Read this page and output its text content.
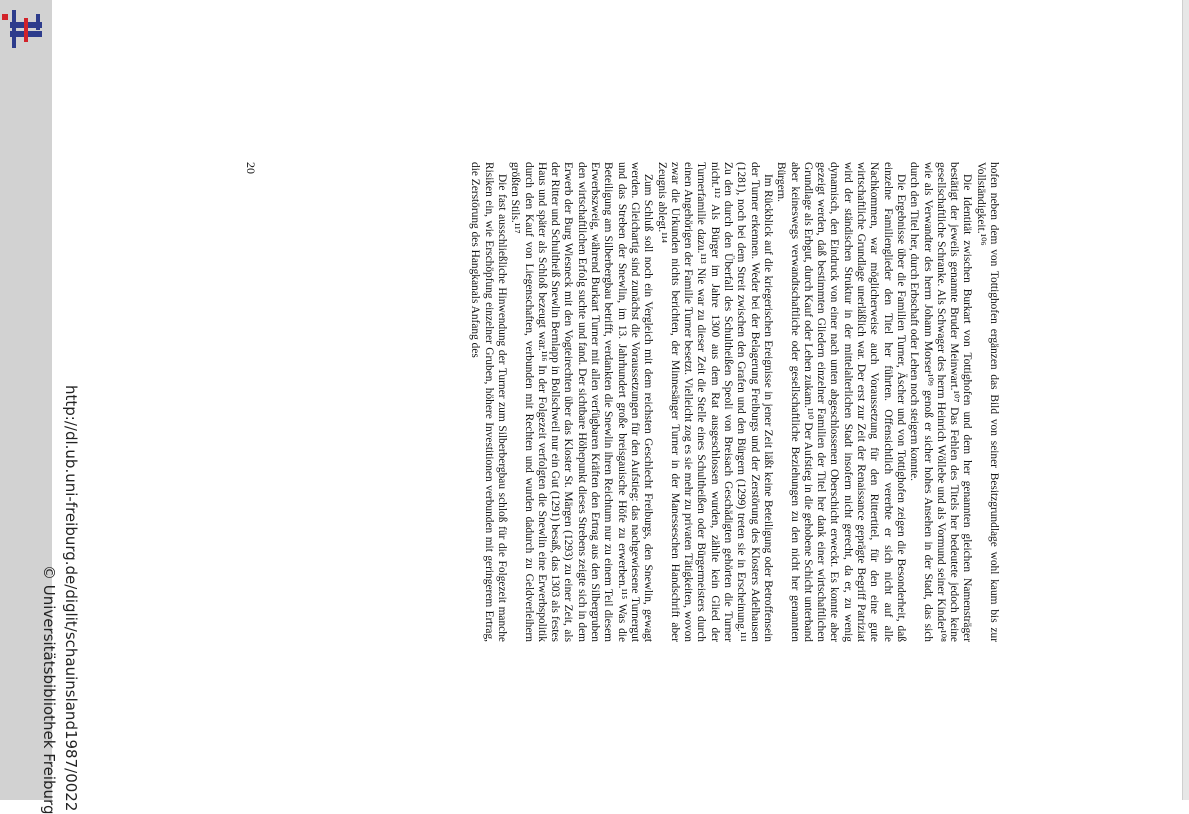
http://dl.ub.uni-freiburg.de/diglit/schauinsland1987/0022
© Universitätsbibliothek Freiburg

hofen neben dem von Tottighofen ergänzen das Bild von seiner Besitzgrundlage wohl kaum bis zur Vollständigkeit.¹⁰⁶

Die Identität zwischen Burkart von Tottighofen und dem her genannten gleichen Namensträger bestätigt der jeweils genannte Bruder Meinwart.¹⁰⁷ Das Fehlen des Titels her bedeutete jedoch keine gesellschaftliche Schranke. Als Schwager des herrn Heinrich Wöllebe und als Vormund seiner Kinder¹⁰⁸ wie als Verwandter des herrn Johann Morser¹⁰⁹ genoß er sicher hohes Ansehen in der Stadt, das sich durch den Titel her, durch Erbschaft oder Lehen noch steigern konnte.

Die Ergebnisse über die Familien Turner, Äscher und von Tottighofen zeigen die Besonderheit, daß einzelne Familienglieder den Titel her führten. Offensichtlich vererbte er sich nicht auf alle Nachkommen, war möglicherweise auch Voraussetzung für den Rittertitel, für den eine gute wirtschaftliche Grundlage unerläßlich war. Der erst zur Zeit der Renaissance geprägte Begriff Patriziat wird der ständischen Struktur in der mittelalterlichen Stadt insofern nicht gerecht, da er, zu wenig dynamisch, den Eindruck von einer nach unten abgeschlossenen Oberschicht erweckt. Es konnte aber gezeigt werden, daß bestimmten Gliedern einzelner Familien der Titel her dank einer wirtschaftlichen Grundlage als Erbgut, durch Kauf oder Lehen zukam.¹¹⁰ Der Aufstieg in die gehobene Schicht unterband aber keineswegs verwandtschaftliche oder gesellschaftliche Beziehungen zu den nicht her genannten Bürgern.

Im Rückblick auf die kriegerischen Ereignisse in jener Zeit läßt keine Beteiligung oder Betroffensein der Turner erkennen. Weder bei der Belagerung Freiburgs und der Zerstörung des Klosters Adelhausen (1281), noch bei dem Streit zwischen den Grafen und den Bürgern (1299) treten sie in Erscheinung.¹¹¹ Zu den durch den Überfall des Schultheißen Speoli von Breisach Geschädigten gehörten die Turner nicht.¹¹² Als Bürger im Jahre 1300 aus dem Rat ausgeschlossen wurden, zählte kein Glied der Turnerfamilie dazu.¹¹³ Nie war zu dieser Zeit die Stelle eines Schultheißen oder Bürgermeisters durch einen Angehörigen der Familie Turner besetzt. Vielleicht zog es sie mehr zu privaten Tätigkeiten, wovon zwar die Urkunden nichts berichten, der Minnesänger Turner in der Manesseschen Handschrift aber Zeugnis ablegt.¹¹⁴

Zum Schluß soll noch ein Vergleich mit dem reichsten Geschlecht Freiburgs, den Snewlin, gewagt werden. Gleichartig sind zunächst die Voraussetzungen für den Aufstieg: das nachgewiesene Turnergut und das Streben der Snewlin, im 13. Jahrhundert große breisgauische Höfe zu erwerben.¹¹⁵ Was die Beteiligung am Silberbergbau betrifft, verdankten die Snewlin ihren Reichtum nur zu einem Teil diesem Erwerbszweig, während Burkart Turner mit allen verfügbaren Kräften den Ertrag aus den Silbergruben den wirtschaftlichen Erfolg suchte und fand. Der sichtbare Höhepunkt dieses Strebens zeigte sich in dem Erwerb der Burg Wiesneck mit den Vogteirechten über das Kloster St. Märgen (1293) zu einer Zeit, als der Ritter und Schultheiß Snewlin Bernlapp in Bollschweil nur ein Gut (1291) besaß, das 1303 als festes Haus und später als Schloß bezeugt war.¹¹⁶ In der Folgezeit verfolgten die Snewlin eine Erwerbspolitik durch den Kauf von Liegenschaften, verbunden mit Rechten und wurden dadurch zu Geldverleihern größten Stils.¹¹⁷

Die fast ausschließliche Hinwendung der Turner zum Silberbergbau schloß für die Folgezeit manche Risiken ein, wie Erschöpfung einzelner Gruben, höhere Investitionen verbunden mit geringerem Ertrag, die Zerstörung des Hangkanals Anfang des

20
